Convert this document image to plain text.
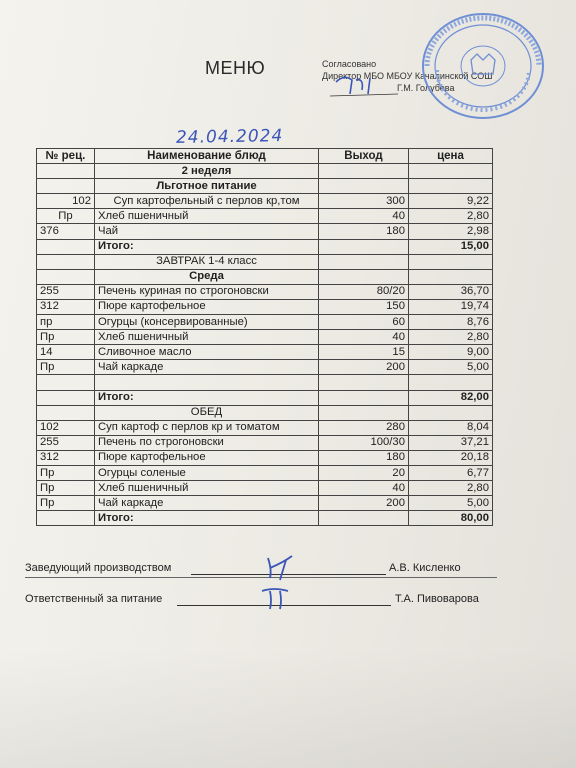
МЕНЮ	Согласовано
Директор МБО МБОУ Качалинской СОШ
Г.М. Голубева
24.04.2024
№ рец.	Наименование блюд	Выход	цена
	2 неделя		
	Льготное питание		
102	Суп картофельный с перлов кр,том	300	9,22
Пр	Хлеб пшеничный	40	2,80
376	Чай	180	2,98
	Итого:		15,00
	ЗАВТРАК 1-4 класс		
	Среда		
255	Печень куриная по строгоновски	80/20	36,70
312	Пюре картофельное	150	19,74
пр	Огурцы (консервированные)	60	8,76
Пр	Хлеб пшеничный	40	2,80
14	Сливочное масло	15	9,00
Пр	Чай каркаде	200	5,00

	Итого:		82,00
	ОБЕД		
102	Суп картоф с перлов кр и томатом	280	8,04
255	Печень по строгоновски	100/30	37,21
312	Пюре картофельное	180	20,18
Пр	Огурцы соленые	20	6,77
Пр	Хлеб пшеничный	40	2,80
Пр	Чай каркаде	200	5,00
	Итого:		80,00
Заведующий производством	А.В. Кисленко
Ответственный за питание	Т.А. Пивоварова
